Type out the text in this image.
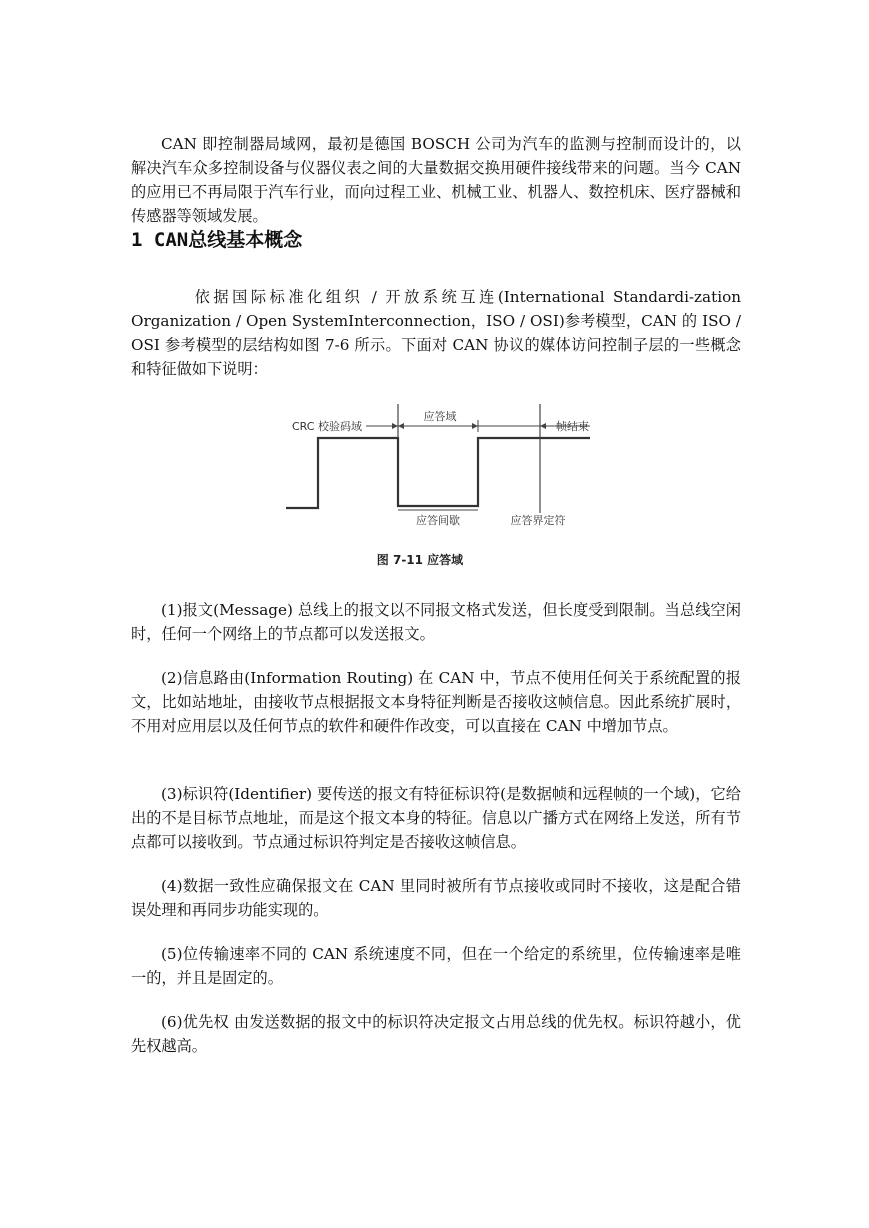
CAN 即控制器局域网，最初是德国 BOSCH 公司为汽车的监测与控制而设计的，以解决汽车众多控制设备与仪器仪表之间的大量数据交换用硬件接线带来的问题。当今 CAN 的应用已不再局限于汽车行业，而向过程工业、机械工业、机器人、数控机床、医疗器械和传感器等领域发展。

1 CAN总线基本概念

依据国际标准化组织 / 开放系统互连(International Standardi-zation Organization / Open SystemInterconnection，ISO / OSI)参考模型，CAN 的 ISO / OSI 参考模型的层结构如图 7-6 所示。下面对 CAN 协议的媒体访问控制子层的一些概念和特征做如下说明：

CRC 校验码域
应答域
帧结束
应答间歇	应答界定符
图 7-11 应答域

(1)报文(Message) 总线上的报文以不同报文格式发送，但长度受到限制。当总线空闲时，任何一个网络上的节点都可以发送报文。

(2)信息路由(Information Routing) 在 CAN 中，节点不使用任何关于系统配置的报文，比如站地址，由接收节点根据报文本身特征判断是否接收这帧信息。因此系统扩展时，不用对应用层以及任何节点的软件和硬件作改变，可以直接在 CAN 中增加节点。

(3)标识符(Identifier) 要传送的报文有特征标识符(是数据帧和远程帧的一个域)，它给出的不是目标节点地址，而是这个报文本身的特征。信息以广播方式在网络上发送，所有节点都可以接收到。节点通过标识符判定是否接收这帧信息。

(4)数据一致性应确保报文在 CAN 里同时被所有节点接收或同时不接收，这是配合错误处理和再同步功能实现的。

(5)位传输速率不同的 CAN 系统速度不同，但在一个给定的系统里，位传输速率是唯一的，并且是固定的。

(6)优先权 由发送数据的报文中的标识符决定报文占用总线的优先权。标识符越小，优先权越高。
